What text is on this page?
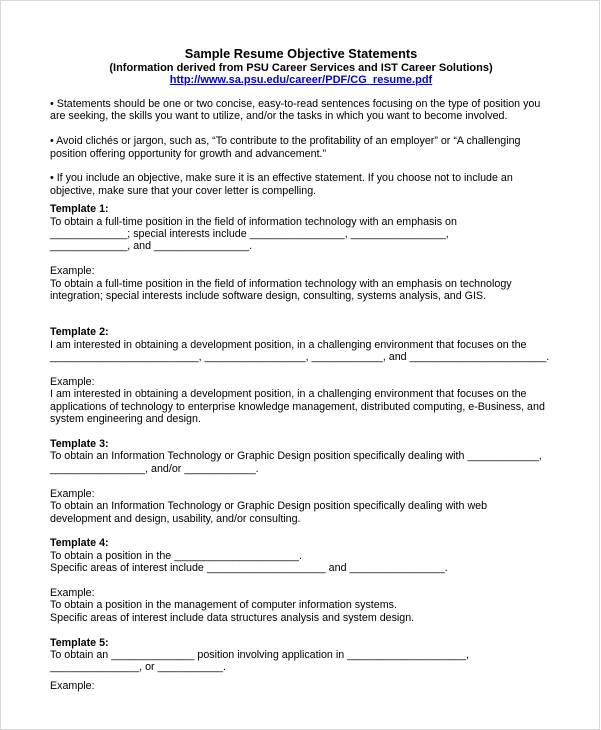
Sample Resume Objective Statements
(Information derived from PSU Career Services and IST Career Solutions)
http://www.sa.psu.edu/career/PDF/CG_resume.pdf
• Statements should be one or two concise, easy-to-read sentences focusing on the type of position you
are seeking, the skills you want to utilize, and/or the tasks in which you want to become involved.
• Avoid clichés or jargon, such as, “To contribute to the profitability of an employer” or “A challenging
position offering opportunity for growth and advancement.”
• If you include an objective, make sure it is an effective statement. If you choose not to include an
objective, make sure that your cover letter is compelling.
Template 1:
To obtain a full-time position in the field of information technology with an emphasis on
_____________; special interests include ________________, ________________,
_____________, and ________________.
Example:
To obtain a full-time position in the field of information technology with an emphasis on technology
integration; special interests include software design, consulting, systems analysis, and GIS.
Template 2:
I am interested in obtaining a development position, in a challenging environment that focuses on the
_________________________, _________________, ____________, and _______________________.
Example:
I am interested in obtaining a development position, in a challenging environment that focuses on the
applications of technology to enterprise knowledge management, distributed computing, e-Business, and
system engineering and design.
Template 3:
To obtain an Information Technology or Graphic Design position specifically dealing with ____________,
________________, and/or ____________.
Example:
To obtain an Information Technology or Graphic Design position specifically dealing with web
development and design, usability, and/or consulting.
Template 4:
To obtain a position in the _____________________.
Specific areas of interest include ____________________ and ________________.
Example:
To obtain a position in the management of computer information systems.
Specific areas of interest include data structures analysis and system design.
Template 5:
To obtain an ______________ position involving application in ____________________,
_______________, or ___________.
Example:
